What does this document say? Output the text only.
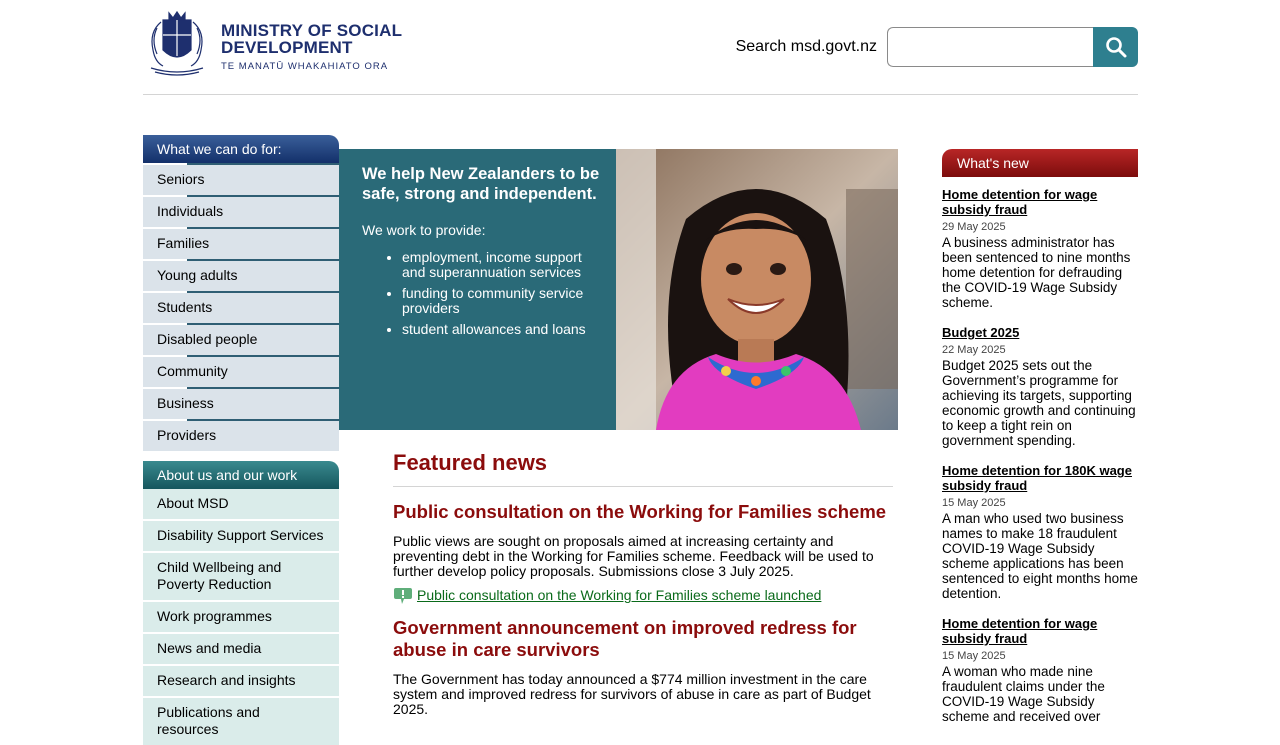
MINISTRY OF SOCIAL
DEVELOPMENT
TE MANATŪ WHAKAHIATO ORA
Search msd.govt.nz
What we can do for:
Seniors
Individuals
Families
Young adults
Students
Disabled people
Community
Business
Providers
About us and our work
About MSD
Disability Support Services
Child Wellbeing and Poverty Reduction
Work programmes
News and media
Research and insights
Publications and resources
We help New Zealanders to be safe, strong and independent.
We work to provide:
• employment, income support and superannuation services
• funding to community service providers
• student allowances and loans
Featured news
Public consultation on the Working for Families scheme

Public views are sought on proposals aimed at increasing certainty and preventing debt in the Working for Families scheme. Feedback will be used to further develop policy proposals. Submissions close 3 July 2025.

Public consultation on the Working for Families scheme launched
Government announcement on improved redress for abuse in care survivors

The Government has today announced a $774 million investment in the care system and improved redress for survivors of abuse in care as part of Budget 2025.

What's new
Home detention for wage subsidy fraud
29 May 2025
A business administrator has been sentenced to nine months home detention for defrauding the COVID-19 Wage Subsidy scheme.
Budget 2025
22 May 2025
Budget 2025 sets out the Government’s programme for achieving its targets, supporting economic growth and continuing to keep a tight rein on government spending.
Home detention for 180K wage subsidy fraud
15 May 2025
A man who used two business names to make 18 fraudulent COVID-19 Wage Subsidy scheme applications has been sentenced to eight months home detention.
Home detention for wage subsidy fraud
15 May 2025
A woman who made nine fraudulent claims under the COVID-19 Wage Subsidy scheme and received over
